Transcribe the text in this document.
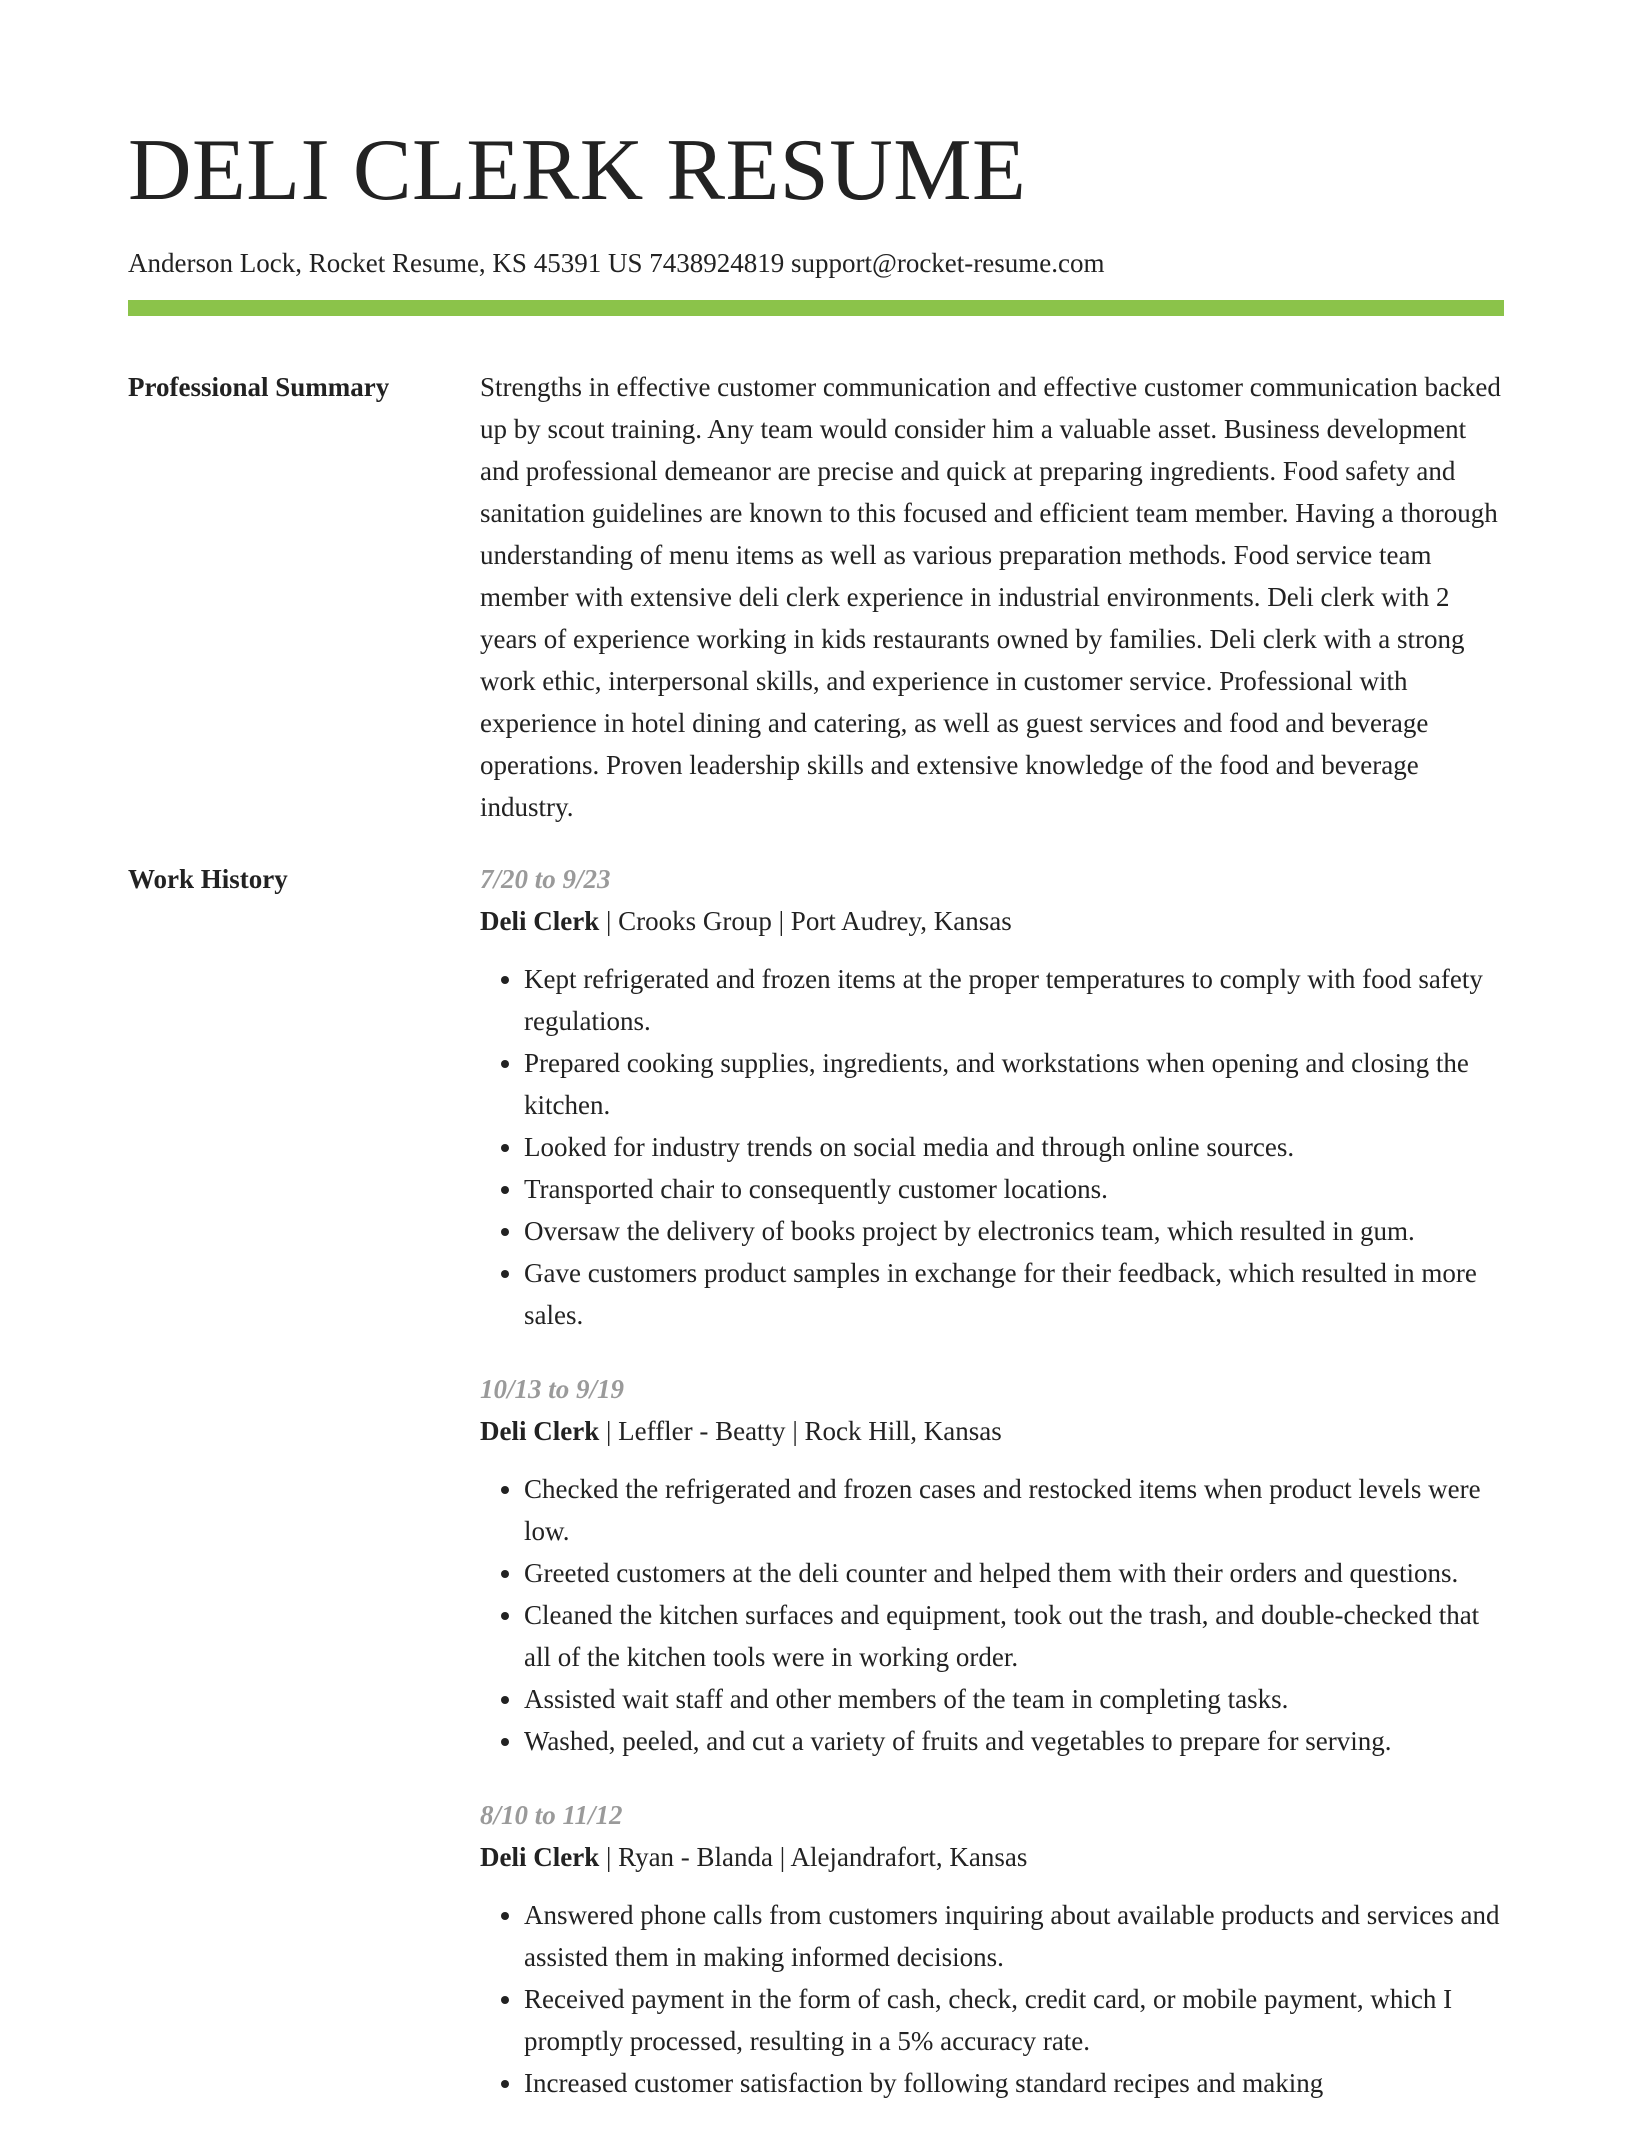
DELI CLERK RESUME
Anderson Lock, Rocket Resume, KS 45391 US 7438924819 support@rocket-resume.com
Professional Summary	Strengths in effective customer communication and effective customer communication backed up by scout training. Any team would consider him a valuable asset. Business development and professional demeanor are precise and quick at preparing ingredients. Food safety and sanitation guidelines are known to this focused and efficient team member. Having a thorough understanding of menu items as well as various preparation methods. Food service team member with extensive deli clerk experience in industrial environments. Deli clerk with 2 years of experience working in kids restaurants owned by families. Deli clerk with a strong work ethic, interpersonal skills, and experience in customer service. Professional with experience in hotel dining and catering, as well as guest services and food and beverage operations. Proven leadership skills and extensive knowledge of the food and beverage industry.
Work History	7/20 to 9/23
Deli Clerk | Crooks Group | Port Audrey, Kansas
• Kept refrigerated and frozen items at the proper temperatures to comply with food safety regulations.
• Prepared cooking supplies, ingredients, and workstations when opening and closing the kitchen.
• Looked for industry trends on social media and through online sources.
• Transported chair to consequently customer locations.
• Oversaw the delivery of books project by electronics team, which resulted in gum.
• Gave customers product samples in exchange for their feedback, which resulted in more sales.
10/13 to 9/19
Deli Clerk | Leffler - Beatty | Rock Hill, Kansas
• Checked the refrigerated and frozen cases and restocked items when product levels were low.
• Greeted customers at the deli counter and helped them with their orders and questions.
• Cleaned the kitchen surfaces and equipment, took out the trash, and double-checked that all of the kitchen tools were in working order.
• Assisted wait staff and other members of the team in completing tasks.
• Washed, peeled, and cut a variety of fruits and vegetables to prepare for serving.
8/10 to 11/12
Deli Clerk | Ryan - Blanda | Alejandrafort, Kansas
• Answered phone calls from customers inquiring about available products and services and assisted them in making informed decisions.
• Received payment in the form of cash, check, credit card, or mobile payment, which I promptly processed, resulting in a 5% accuracy rate.
• Increased customer satisfaction by following standard recipes and making
